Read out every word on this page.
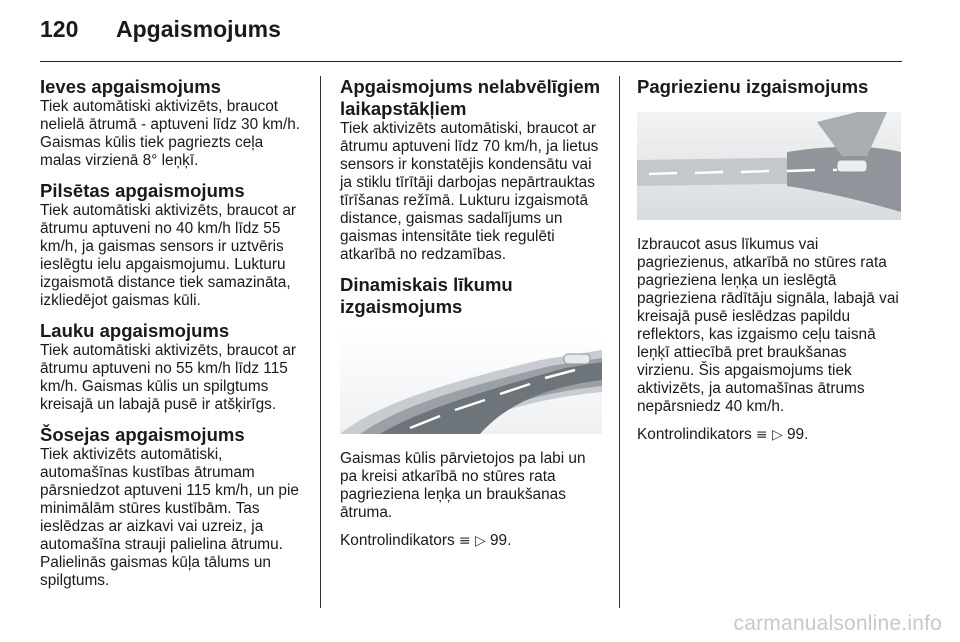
120 Apgaismojums
Ieves apgaismojums

Tiek automātiski aktivizēts, braucot nelielā ātrumā - aptuveni līdz 30 km/h. Gaismas kūlis tiek pagriezts ceļa malas virzienā 8° leņķī.

Pilsētas apgaismojums

Tiek automātiski aktivizēts, braucot ar ātrumu aptuveni no 40 km/h līdz 55 km/h, ja gaismas sensors ir uztvēris ieslēgtu ielu apgaismojumu. Lukturu izgaismotā distance tiek samazināta, izkliedējot gaismas kūli.

Lauku apgaismojums

Tiek automātiski aktivizēts, braucot ar ātrumu aptuveni no 55 km/h līdz 115 km/h. Gaismas kūlis un spilgtums kreisajā un labajā pusē ir atšķirīgs.

Šosejas apgaismojums

Tiek aktivizēts automātiski, automašīnas kustības ātrumam pārsniedzot aptuveni 115 km/h, un pie minimālām stūres kustībām. Tas ieslēdzas ar aizkavi vai uzreiz, ja automašīna strauji palielina ātrumu. Palielinās gaismas kūļa tālums un spilgtums.

Apgaismojums nelabvēlīgiem laikapstākļiem

Tiek aktivizēts automātiski, braucot ar ātrumu aptuveni līdz 70 km/h, ja lietus sensors ir konstatējis kondensātu vai ja stiklu tīrītāji darbojas nepārtrauktas tīrīšanas režīmā. Lukturu izgaismotā distance, gaismas sadalījums un gaismas intensitāte tiek regulēti atkarībā no redzamības.

Dinamiskais līkumu izgaismojums

Gaismas kūlis pārvietojos pa labi un pa kreisi atkarībā no stūres rata pagrieziena leņķa un braukšanas ātruma.

Kontrolindikators ≡ ▷ 99.

Pagriezienu izgaismojums

Izbraucot asus līkumus vai pagriezienus, atkarībā no stūres rata pagrieziena leņķa un ieslēgtā pagrieziena rādītāju signāla, labajā vai kreisajā pusē ieslēdzas papildu reflektors, kas izgaismo ceļu taisnā leņķī attiecībā pret braukšanas virzienu. Šis apgaismojums tiek aktivizēts, ja automašīnas ātrums nepārsniedz 40 km/h.

Kontrolindikators ≡ ▷ 99.

carmanualsonline.info
